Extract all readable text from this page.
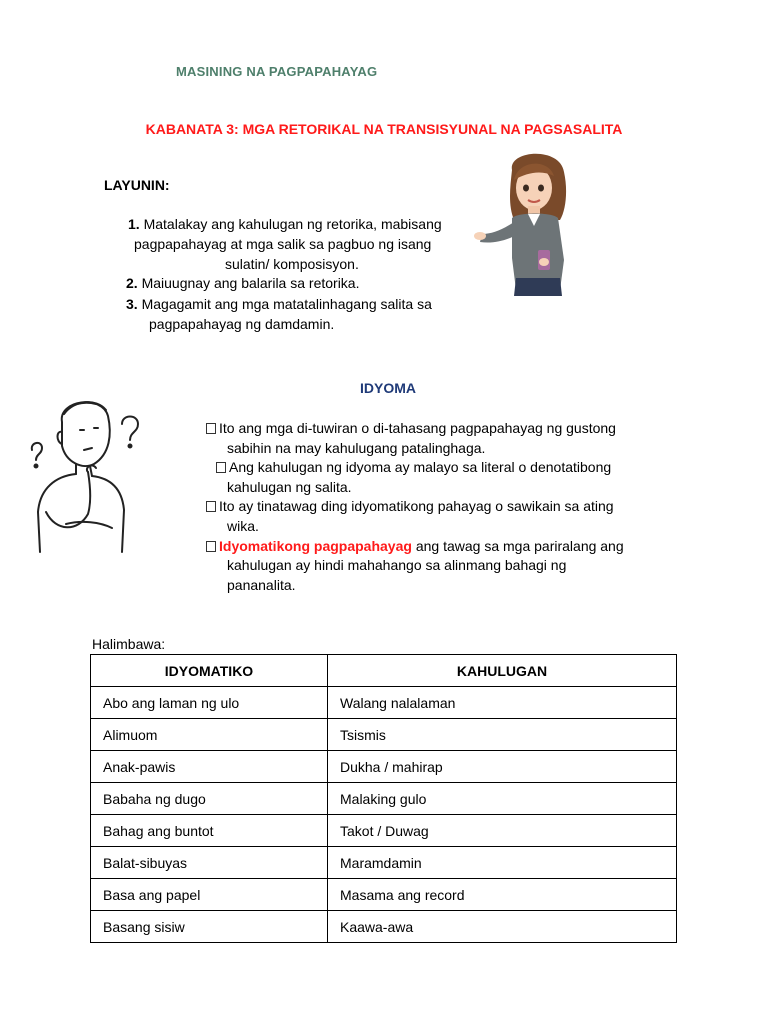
MASINING NA PAGPAPAHAYAG
KABANATA 3: MGA RETORIKAL NA TRANSISYUNAL NA PAGSASALITA
LAYUNIN:
1. Matalakay ang kahulugan ng retorika, mabisang
pagpapahayag at mga salik sa pagbuo ng isang
sulatin/ komposisyon.
2. Maiuugnay ang balarila sa retorika.
3. Magagamit ang mga matatalinhagang salita sa
pagpapahayag ng damdamin.
IDYOMA
Ito ang mga di-tuwiran o di-tahasang pagpapahayag ng gustong
sabihin na may kahulugang patalinghaga.
Ang kahulugan ng idyoma ay malayo sa literal o denotatibong
kahulugan ng salita.
Ito ay tinatawag ding idyomatikong pahayag o sawikain sa ating
wika.
Idyomatikong pagpapahayag ang tawag sa mga pariralang ang
kahulugan ay hindi mahahango sa alinmang bahagi ng
pananalita.
Halimbawa:
IDYOMATIKO	KAHULUGAN
Abo ang laman ng ulo	Walang nalalaman
Alimuom	Tsismis
Anak-pawis	Dukha / mahirap
Babaha ng dugo	Malaking gulo
Bahag ang buntot	Takot / Duwag
Balat-sibuyas	Maramdamin
Basa ang papel	Masama ang record
Basang sisiw	Kaawa-awa
